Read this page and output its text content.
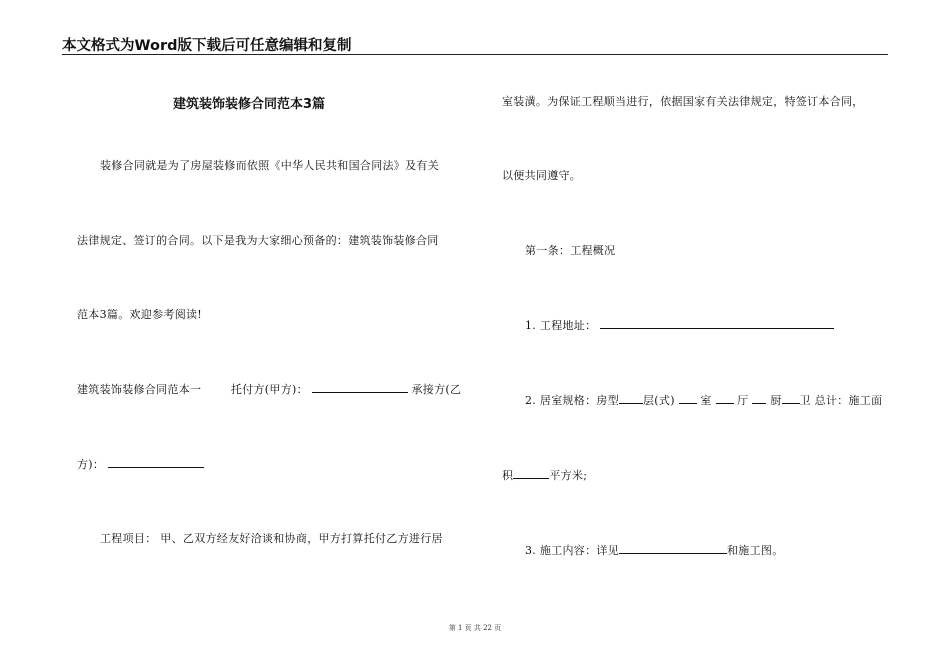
本文格式为Word版下载后可任意编辑和复制
建筑装饰装修合同范本3篇
装修合同就是为了房屋装修而依照《中华人民共和国合同法》及有关
法律规定、签订的合同。以下是我为大家细心预备的：建筑装饰装修合同
范本3篇。欢迎参考阅读!
建筑装饰装修合同范本一	托付方(甲方)：	承接方(乙
方)：
工程项目： 甲、乙双方经友好洽谈和协商，甲方打算托付乙方进行居
室装潢。为保证工程顺当进行，依据国家有关法律规定，特签订本合同，
以便共同遵守。
第一条：工程概况
1. 工程地址：
2. 居室规格：房型 层(式) 室 厅 厨 卫 总计：施工面
积	平方米;
3. 施工内容：详见	和施工图。
第 1 页 共 22 页
